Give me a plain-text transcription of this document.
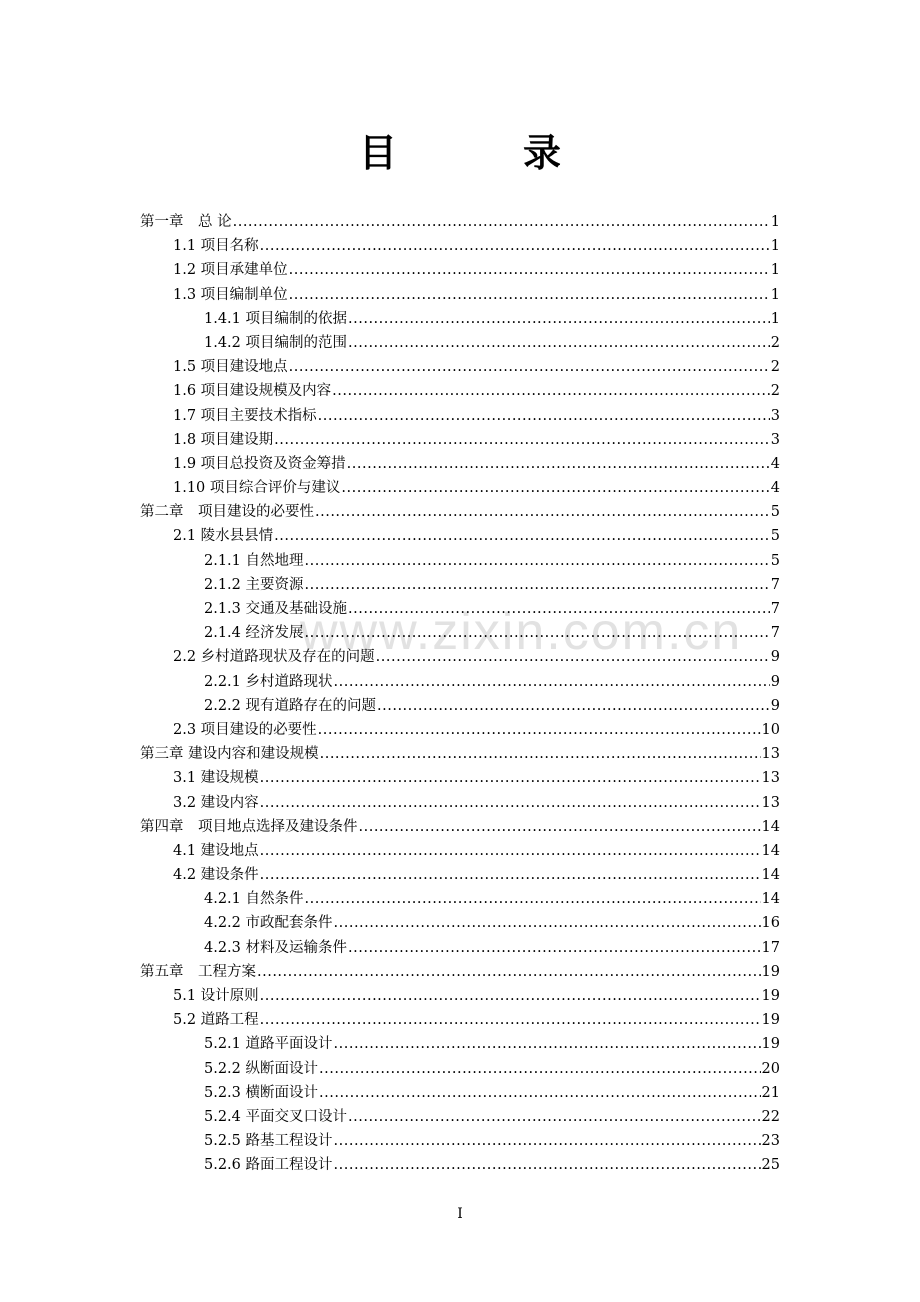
www.zixin.com.cn
目　录
第一章　总 论 .....	1
1.1 项目名称 .....	1
1.2 项目承建单位 .....	1
1.3 项目编制单位 .....	1
1.4.1 项目编制的依据 .....	1
1.4.2 项目编制的范围 .....	2
1.5 项目建设地点 .....	2
1.6 项目建设规模及内容 .....	2
1.7 项目主要技术指标 .....	3
1.8 项目建设期 .....	3
1.9 项目总投资及资金筹措 .....	4
1.10 项目综合评价与建议 .....	4
第二章　项目建设的必要性 .....	5
2.1 陵水县县情 .....	5
2.1.1 自然地理 .....	5
2.1.2 主要资源 .....	7
2.1.3 交通及基础设施 .....	7
2.1.4 经济发展 .....	7
2.2 乡村道路现状及存在的问题 .....	9
2.2.1 乡村道路现状 .....	9
2.2.2 现有道路存在的问题 .....	9
2.3 项目建设的必要性 .....	10
第三章 建设内容和建设规模 .....	13
3.1 建设规模 .....	13
3.2 建设内容 .....	13
第四章　项目地点选择及建设条件 .....	14
4.1 建设地点 .....	14
4.2 建设条件 .....	14
4.2.1 自然条件 .....	14
4.2.2 市政配套条件 .....	16
4.2.3 材料及运输条件 .....	17
第五章　工程方案 .....	19
5.1 设计原则 .....	19
5.2 道路工程 .....	19
5.2.1 道路平面设计 .....	19
5.2.2 纵断面设计 .....	20
5.2.3 横断面设计 .....	21
5.2.4 平面交叉口设计 .....	22
5.2.5 路基工程设计 .....	23
5.2.6 路面工程设计 .....	25
I
